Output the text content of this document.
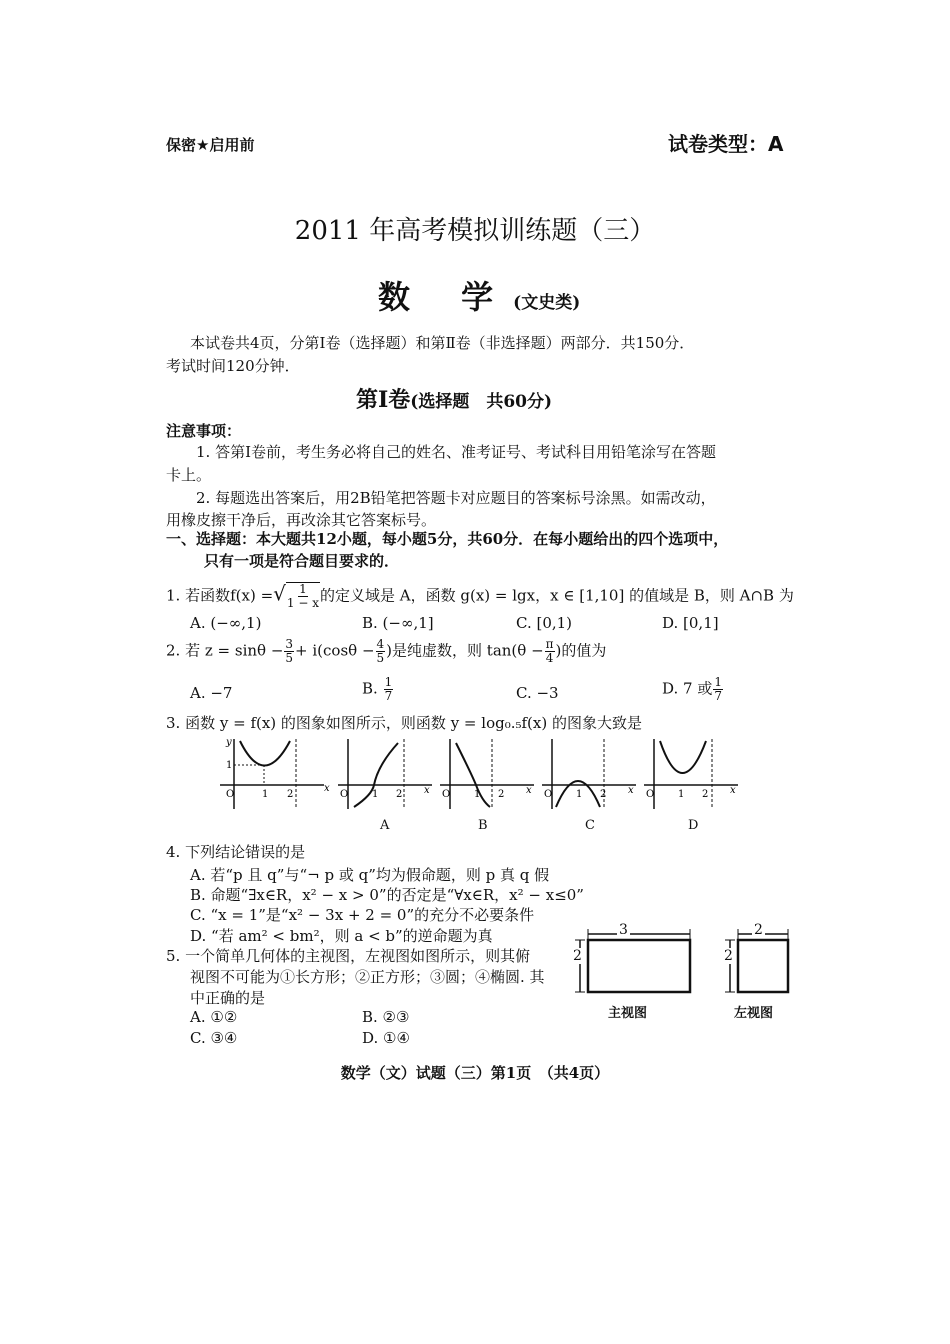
保密★启用前	试卷类型：A
2011 年高考模拟训练题（三）
数 学(文史类)
本试卷共4页，分第Ⅰ卷（选择题）和第Ⅱ卷（非选择题）两部分．共150分．
考试时间120分钟．
第Ⅰ卷(选择题　共60分)
注意事项：
1. 答第Ⅰ卷前，考生务必将自己的姓名、准考证号、考试科目用铅笔涂写在答题
卡上。
2. 每题选出答案后，用2B铅笔把答题卡对应题目的答案标号涂黑。如需改动，
用橡皮擦干净后，再改涂其它答案标号。
一、选择题：本大题共12小题，每小题5分，共60分．在每小题给出的四个选项中，
只有一项是符合题目要求的．
1. 若函数f(x) =√ $\frac{1}{1 - x}$ 的定义域是 A，函数 g(x) = lgx，x ∈ [1,10] 的值域是 B，则 A∩B 为
A. (−∞,1)	B. (−∞,1]	C. [0,1)	D. [0,1]
2. 若 $z = \sin\theta - \frac{3}{5} + i(\cos\theta - \frac{4}{5}$ )是纯虚数，则 $\tan(\theta - \frac{\pi}{4}$ )的值为
A. −7	B. $\frac{1}{7}$	C. −3	D. 7 或 $\frac{1}{7}$
3. 函数 y = f(x) 的图象如图所示，则函数 y = log₀.₅f(x) 的图象大致是
y
x
O
1
1 2	O 1 2 x O 1 2 x O 1 2 x O 1 2 x
A	B	C	D
4. 下列结论错误的是
A. 若“p 且 q”与“¬ p 或 q”均为假命题，则 p 真 q 假
B. 命题“∃x∈R，x² − x > 0”的否定是“∀x∈R，x² − x≤0”
C. “x = 1”是“x² − 3x + 2 = 0”的充分不必要条件
D. “若 am² < bm²，则 a < b”的逆命题为真
5. 一个简单几何体的主视图，左视图如图所示，则其俯
视图不可能为①长方形；②正方形；③圆；④椭圆. 其
中正确的是
A. ①②	B. ②③
C. ③④	D. ①④
3
2
主视图
2
2
左视图
数学（文）试题（三）第1页　（共4页）
